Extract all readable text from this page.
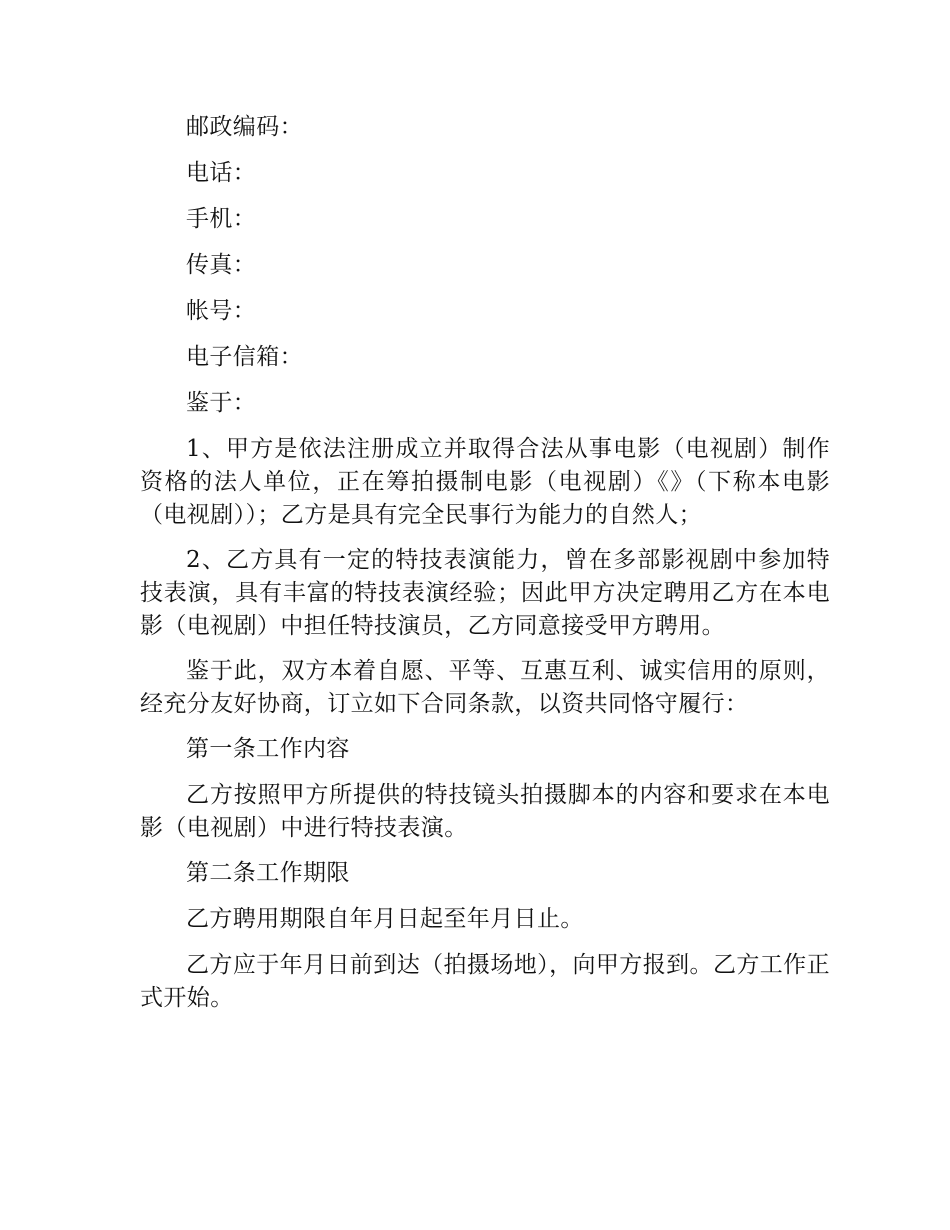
邮政编码：

电话：

手机：

传真：

帐号：

电子信箱：

鉴于：

1、甲方是依法注册成立并取得合法从事电影（电视剧）制作资格的法人单位，正在筹拍摄制电影（电视剧）《》（下称本电影（电视剧））；乙方是具有完全民事行为能力的自然人；

2、乙方具有一定的特技表演能力，曾在多部影视剧中参加特技表演，具有丰富的特技表演经验；因此甲方决定聘用乙方在本电影（电视剧）中担任特技演员，乙方同意接受甲方聘用。

鉴于此，双方本着自愿、平等、互惠互利、诚实信用的原则，经充分友好协商，订立如下合同条款，以资共同恪守履行：

第一条工作内容

乙方按照甲方所提供的特技镜头拍摄脚本的内容和要求在本电影（电视剧）中进行特技表演。

第二条工作期限

乙方聘用期限自年月日起至年月日止。

乙方应于年月日前到达（拍摄场地），向甲方报到。乙方工作正式开始。
